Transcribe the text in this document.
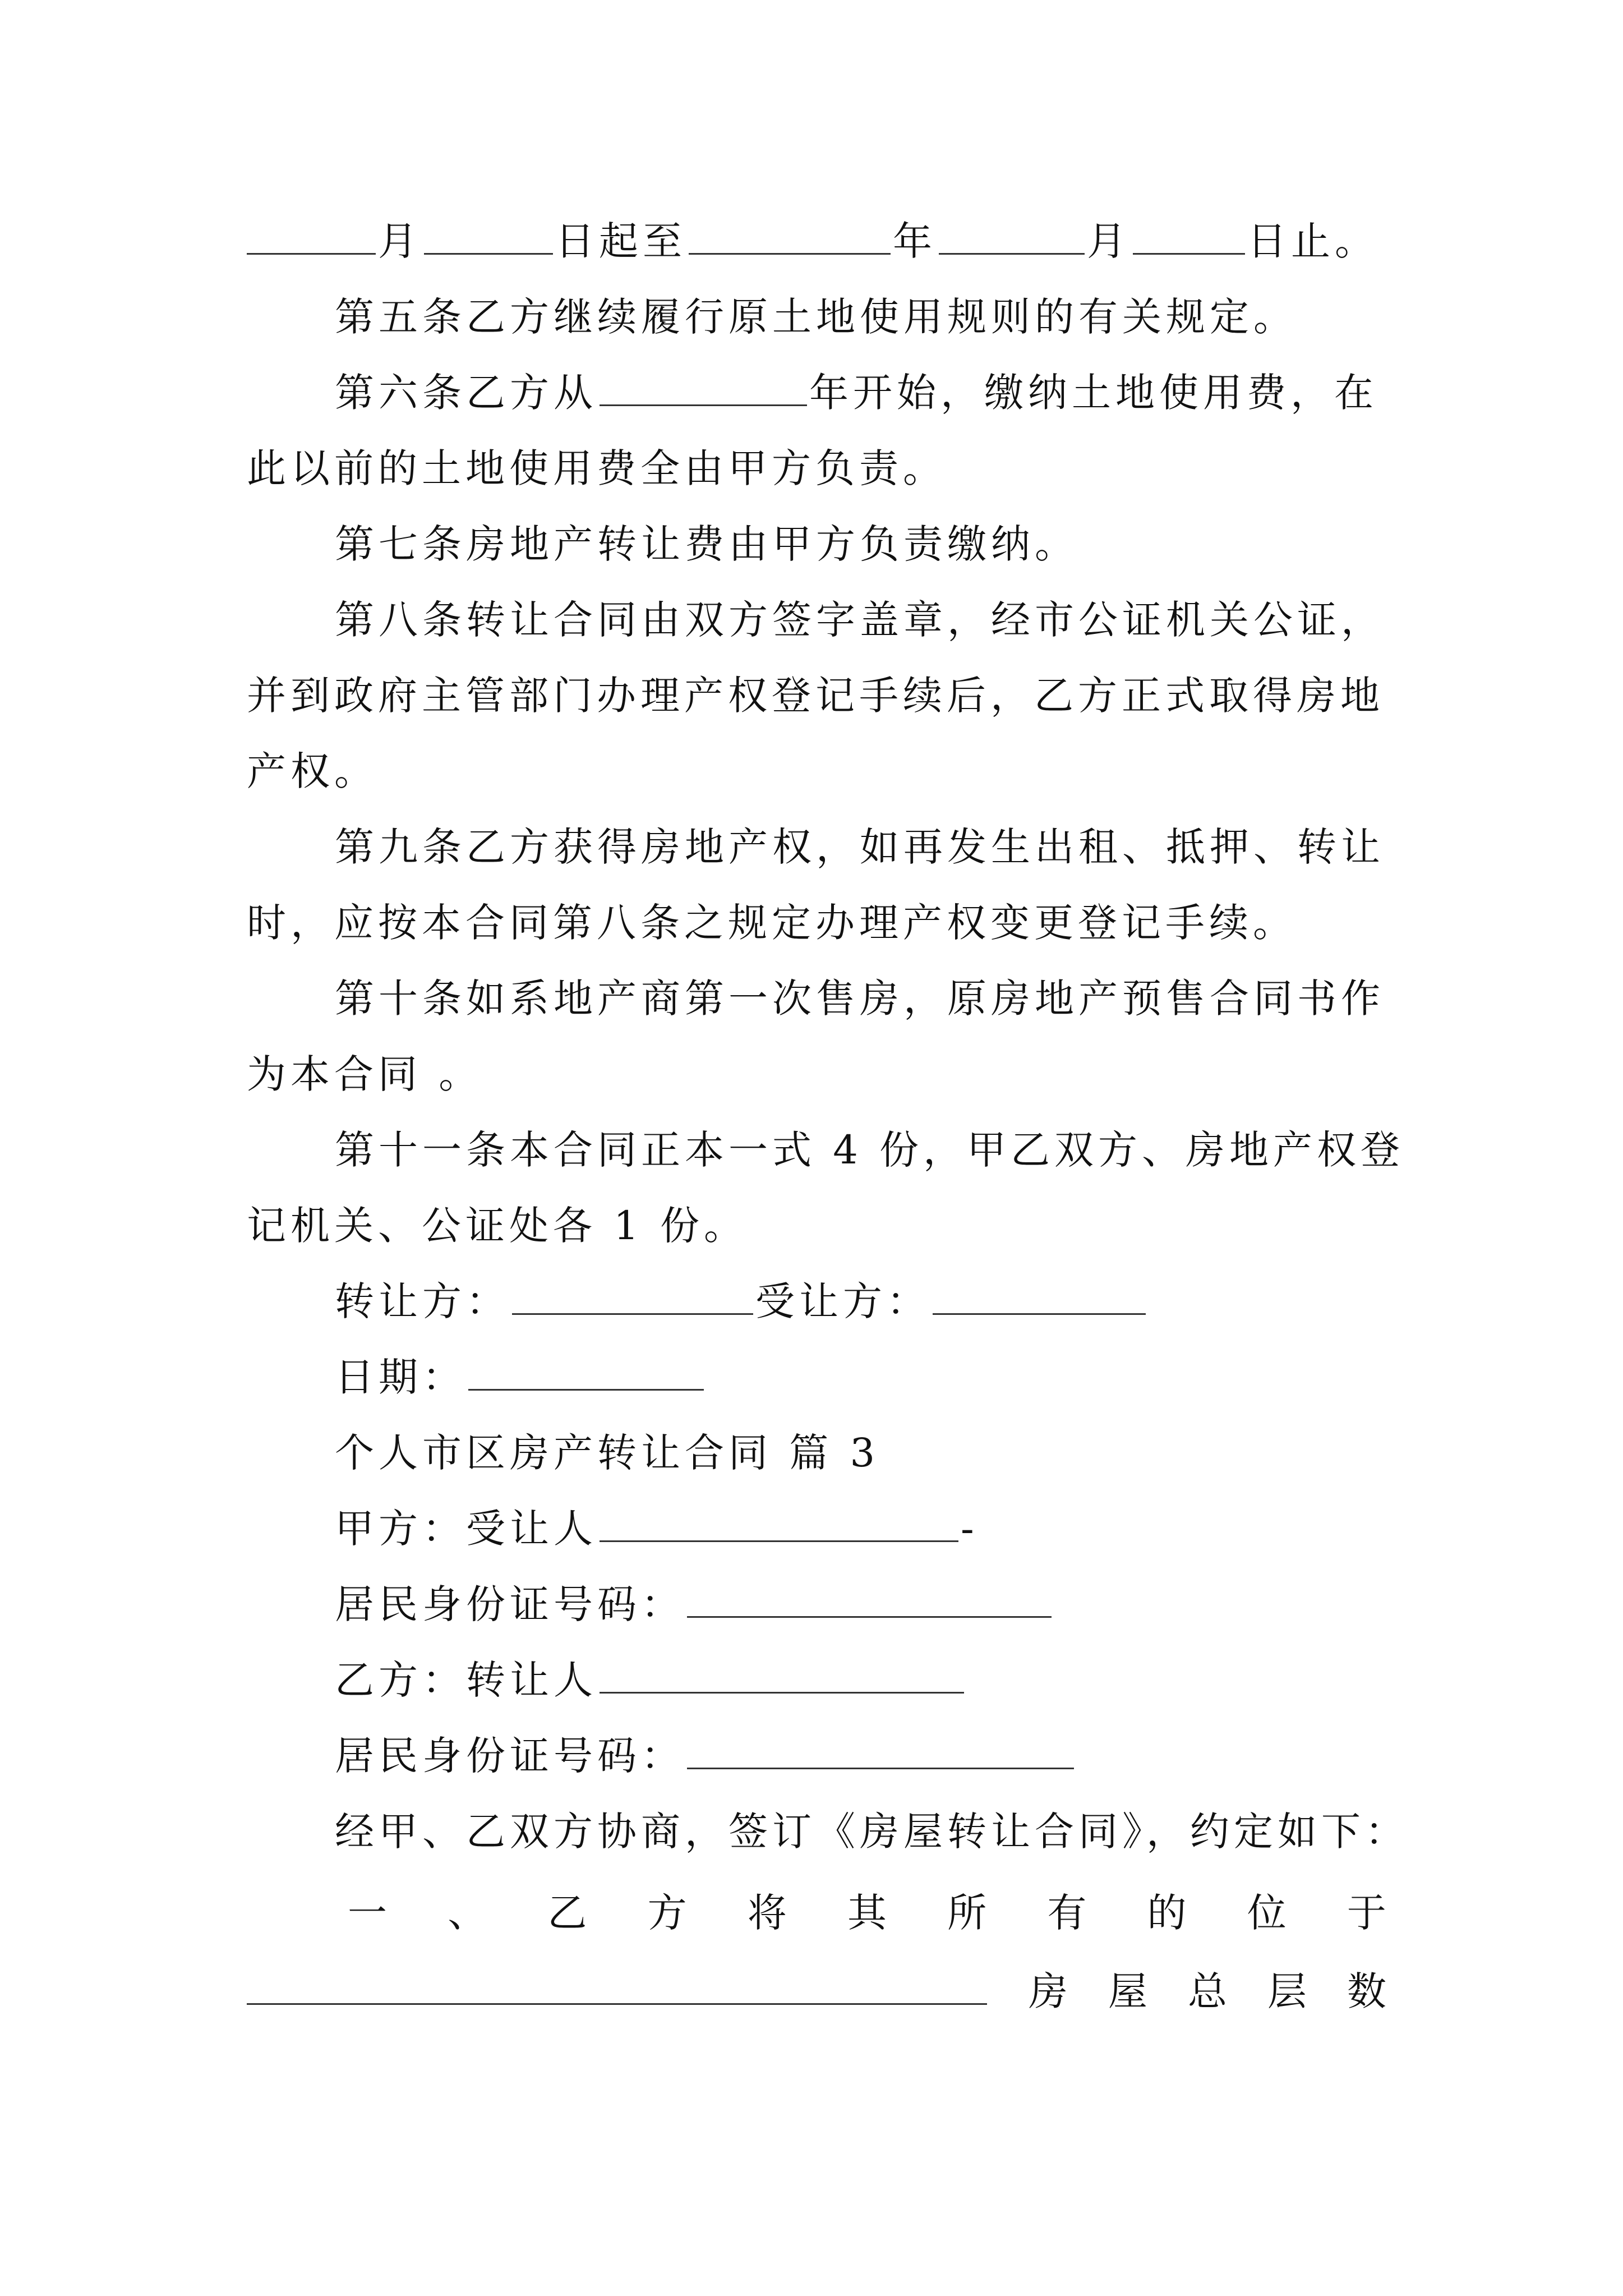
月	日起至	年	月	日止。
第五条乙方继续履行原土地使用规则的有关规定。
第六条乙方从	年开始，缴纳土地使用费，在
此以前的土地使用费全由甲方负责。
第七条房地产转让费由甲方负责缴纳。
第八条转让合同由双方签字盖章，经市公证机关公证，
并到政府主管部门办理产权登记手续后，乙方正式取得房地
产权。
第九条乙方获得房地产权，如再发生出租、抵押、转让
时，应按本合同第八条之规定办理产权变更登记手续。
第十条如系地产商第一次售房，原房地产预售合同书作
为本合同 。
第十一条本合同正本一式 4 份，甲乙双方、房地产权登
记机关、公证处各 1 份。
转让方：	受让方：
日期：
个人市区房产转让合同 篇 3
甲方：受让人	-
居民身份证号码：
乙方：转让人
居民身份证号码：
经甲、乙双方协商，签订《房屋转让合同》，约定如下：
一 、 乙 方 将 其 所 有 的 位 于
房 屋 总 层 数
